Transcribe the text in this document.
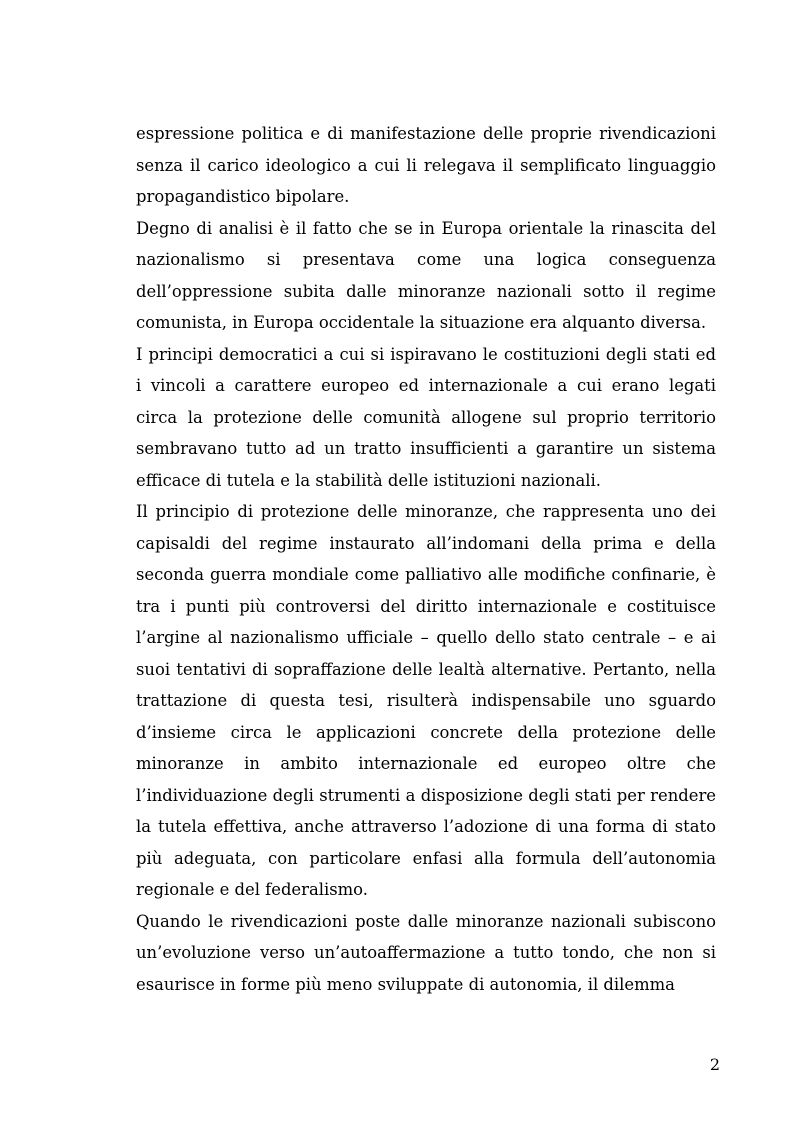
espressione politica e di manifestazione delle proprie rivendicazioni senza il carico ideologico a cui li relegava il semplificato linguaggio propagandistico bipolare.

Degno di analisi è il fatto che se in Europa orientale la rinascita del nazionalismo si presentava come una logica conseguenza dell’oppressione subita dalle minoranze nazionali sotto il regime comunista, in Europa occidentale la situazione era alquanto diversa.

I principi democratici a cui si ispiravano le costituzioni degli stati ed i vincoli a carattere europeo ed internazionale a cui erano legati circa la protezione delle comunità allogene sul proprio territorio sembravano tutto ad un tratto insufficienti a garantire un sistema efficace di tutela e la stabilità delle istituzioni nazionali.

Il principio di protezione delle minoranze, che rappresenta uno dei capisaldi del regime instaurato all’indomani della prima e della seconda guerra mondiale come palliativo alle modifiche confinarie, è tra i punti più controversi del diritto internazionale e costituisce l’argine al nazionalismo ufficiale – quello dello stato centrale – e ai suoi tentativi di sopraffazione delle lealtà alternative. Pertanto, nella trattazione di questa tesi, risulterà indispensabile uno sguardo d’insieme circa le applicazioni concrete della protezione delle minoranze in ambito internazionale ed europeo oltre che l’individuazione degli strumenti a disposizione degli stati per rendere la tutela effettiva, anche attraverso l’adozione di una forma di stato più adeguata, con particolare enfasi alla formula dell’autonomia regionale e del federalismo.

Quando le rivendicazioni poste dalle minoranze nazionali subiscono un’evoluzione verso un’autoaffermazione a tutto tondo, che non si esaurisce in forme più meno sviluppate di autonomia, il dilemma

2
